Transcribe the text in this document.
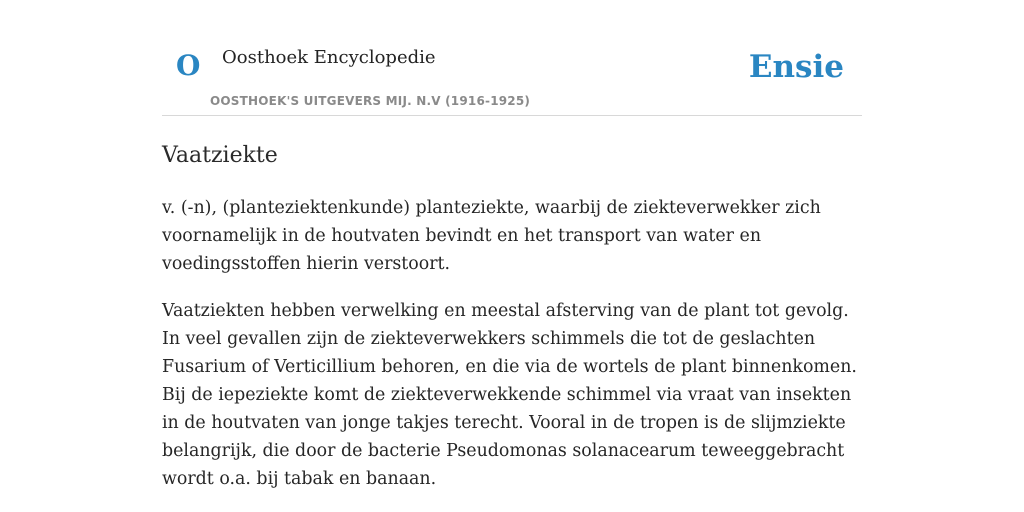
O Oosthoek Encyclopedie
OOSTHOEK'S UITGEVERS MIJ. N.V (1916-1925)
Ensie
Vaatziekte

v. (-n), (planteziektenkunde) planteziekte, waarbij de ziekteverwekker zich voornamelijk in de houtvaten bevindt en het transport van water en voedingsstoffen hierin verstoort.

Vaatziekten hebben verwelking en meestal afsterving van de plant tot gevolg. In veel gevallen zijn de ziekteverwekkers schimmels die tot de geslachten Fusarium of Verticillium behoren, en die via de wortels de plant binnenkomen. Bij de iepeziekte komt de ziekteverwekkende schimmel via vraat van insekten in de houtvaten van jonge takjes terecht. Vooral in de tropen is de slijmziekte belangrijk, die door de bacterie Pseudomonas solanacearum teweeggebracht wordt o.a. bij tabak en banaan.
